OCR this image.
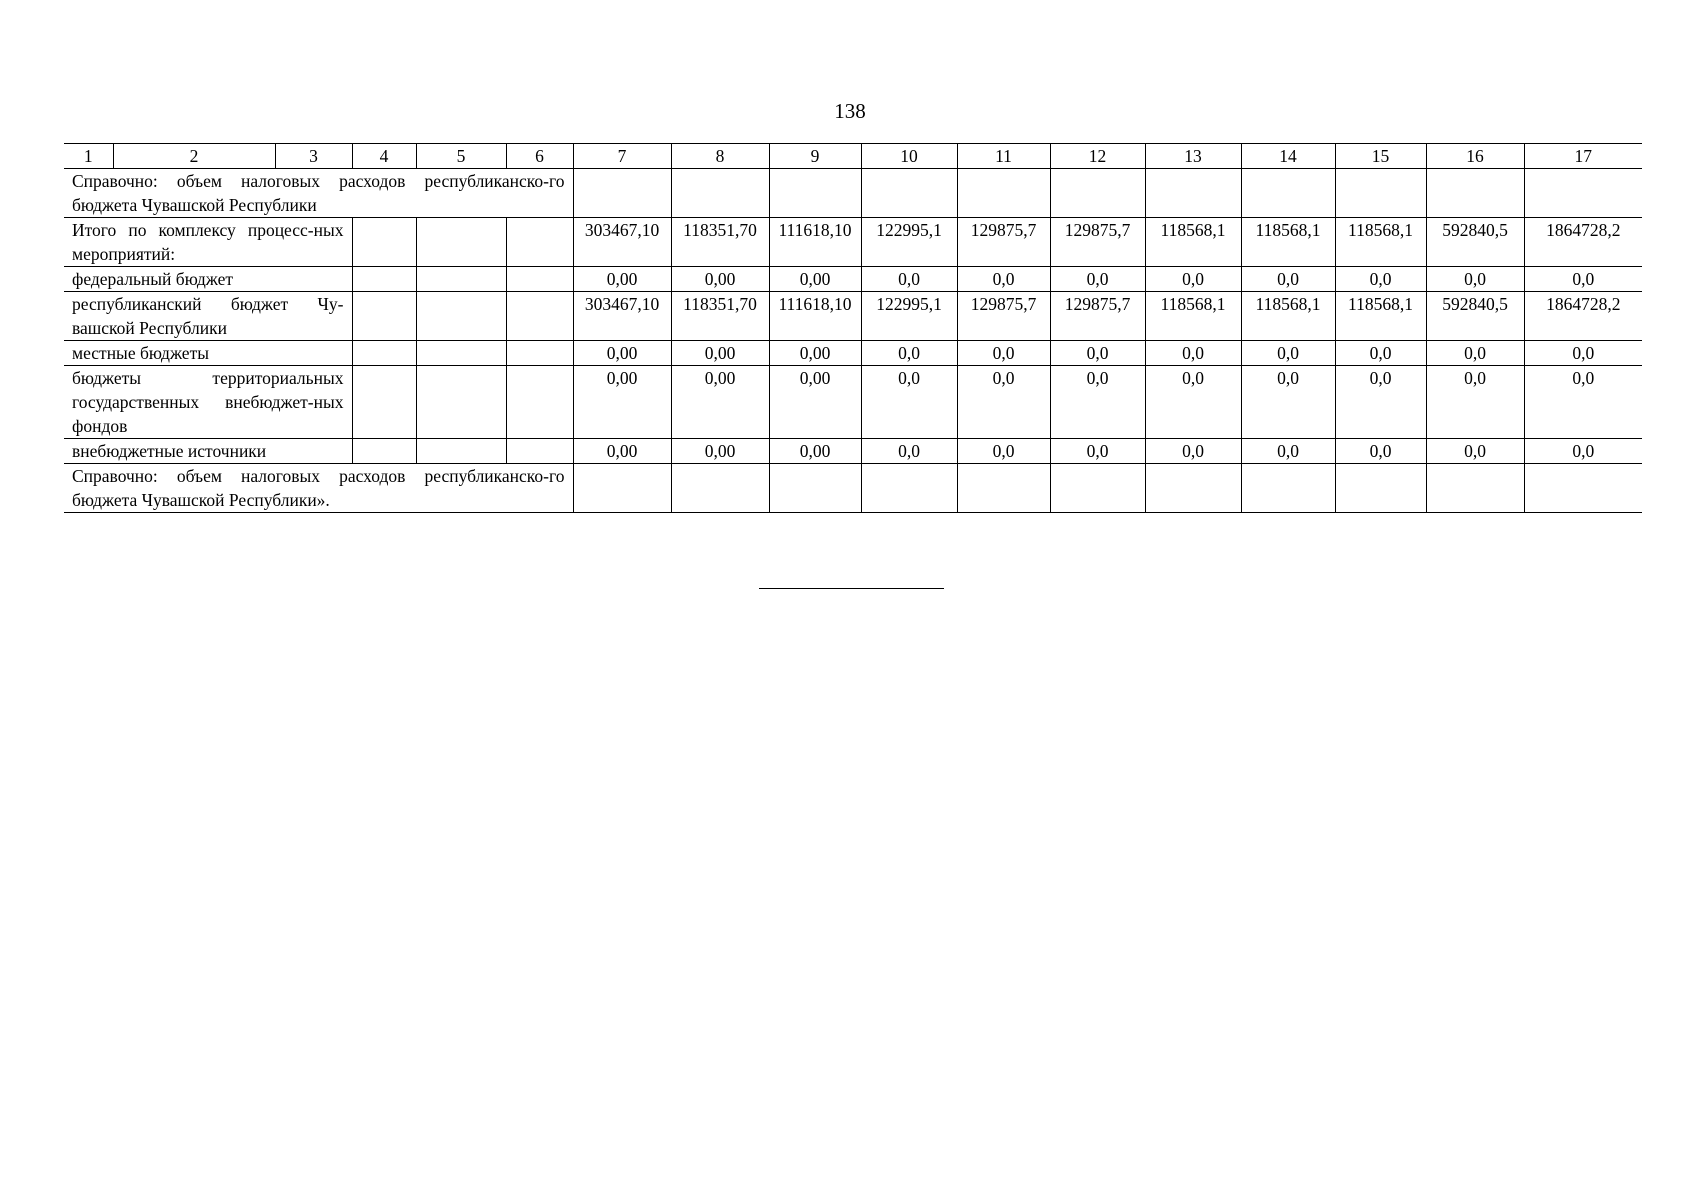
138
1	2	3	4	5	6	7	8	9	10	11	12	13	14	15	16	17
Справочно: объем налоговых расходов республиканско-го бюджета Чувашской Республики																
Итого по комплексу процесс-ных мероприятий:						303467,10	118351,70	111618,10	122995,1	129875,7	129875,7	118568,1	118568,1	118568,1	592840,5	1864728,2
федеральный бюджет						0,00	0,00	0,00	0,0	0,0	0,0	0,0	0,0	0,0	0,0	0,0
республиканский бюджет Чу-вашской Республики						303467,10	118351,70	111618,10	122995,1	129875,7	129875,7	118568,1	118568,1	118568,1	592840,5	1864728,2
местные бюджеты						0,00	0,00	0,00	0,0	0,0	0,0	0,0	0,0	0,0	0,0	0,0
бюджеты территориальных государственных внебюджет-ных фондов						0,00	0,00	0,00	0,0	0,0	0,0	0,0	0,0	0,0	0,0	0,0
внебюджетные источники						0,00	0,00	0,00	0,0	0,0	0,0	0,0	0,0	0,0	0,0	0,0
Справочно: объем налоговых расходов республиканско-го бюджета Чувашской Республики».																
